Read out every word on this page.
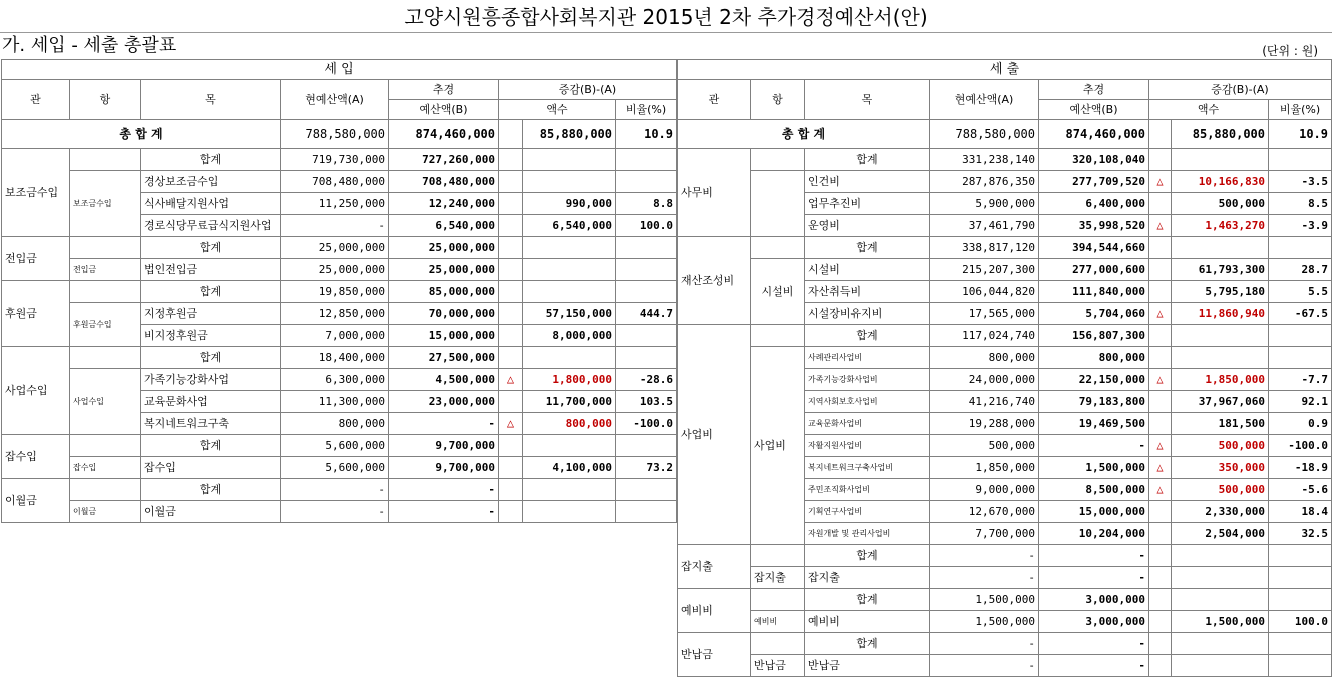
고양시원흥종합사회복지관 2015년 2차 추가경정예산서(안)
가. 세입 - 세출 총괄표	(단위 : 원)
세 입							
관	항	목	현예산액(A)	추경	증감(B)-(A)		
				예산액(B)	액수		비율(%)
총 합 계			788,580,000	874,460,000		85,880,000	10.9
보조금수입		합계	719,730,000	727,260,000			
	보조금수입	경상보조금수입	708,480,000	708,480,000			
		식사배달지원사업	11,250,000	12,240,000		990,000	8.8
		경로식당무료급식지원사업	-	6,540,000		6,540,000	100.0
전입금		합계	25,000,000	25,000,000			
	전입금	법인전입금	25,000,000	25,000,000			
후원금		합계	19,850,000	85,000,000			
	후원금수입	지정후원금	12,850,000	70,000,000		57,150,000	444.7
		비지정후원금	7,000,000	15,000,000		8,000,000	
사업수입		합계	18,400,000	27,500,000			
	사업수입	가족기능강화사업	6,300,000	4,500,000	△	1,800,000	-28.6
		교육문화사업	11,300,000	23,000,000		11,700,000	103.5
		복지네트워크구축	800,000	-	△	800,000	-100.0
잡수입		합계	5,600,000	9,700,000			
	잡수입	잡수입	5,600,000	9,700,000		4,100,000	73.2
이월금		합계	-	-			
	이월금	이월금	-	-			
세 출							
관	항	목	현예산액(A)	추경	증감(B)-(A)		
				예산액(B)	액수		비율(%)
총 합 계			788,580,000	874,460,000		85,880,000	10.9
사무비		합계	331,238,140	320,108,040			
		인건비	287,876,350	277,709,520	△	10,166,830	-3.5
		업무추진비	5,900,000	6,400,000		500,000	8.5
		운영비	37,461,790	35,998,520	△	1,463,270	-3.9
재산조성비		합계	338,817,120	394,544,660			
	시설비	시설비	215,207,300	277,000,600		61,793,300	28.7
		자산취득비	106,044,820	111,840,000		5,795,180	5.5
		시설장비유지비	17,565,000	5,704,060	△	11,860,940	-67.5
사업비		합계	117,024,740	156,807,300			
	사업비	사례관리사업비	800,000	800,000			
		가족기능강화사업비	24,000,000	22,150,000	△	1,850,000	-7.7
		지역사회보호사업비	41,216,740	79,183,800		37,967,060	92.1
		교육문화사업비	19,288,000	19,469,500		181,500	0.9
		자활지원사업비	500,000	-	△	500,000	-100.0
		복지네트워크구축사업비	1,850,000	1,500,000	△	350,000	-18.9
		주민조직화사업비	9,000,000	8,500,000	△	500,000	-5.6
		기획연구사업비	12,670,000	15,000,000		2,330,000	18.4
		자원개발 및 관리사업비	7,700,000	10,204,000		2,504,000	32.5
잡지출		합계	-	-			
	잡지출	잡지출	-	-			
예비비		합계	1,500,000	3,000,000			
	예비비	예비비	1,500,000	3,000,000		1,500,000	100.0
반납금		합계	-	-			
	반납금	반납금	-	-			
